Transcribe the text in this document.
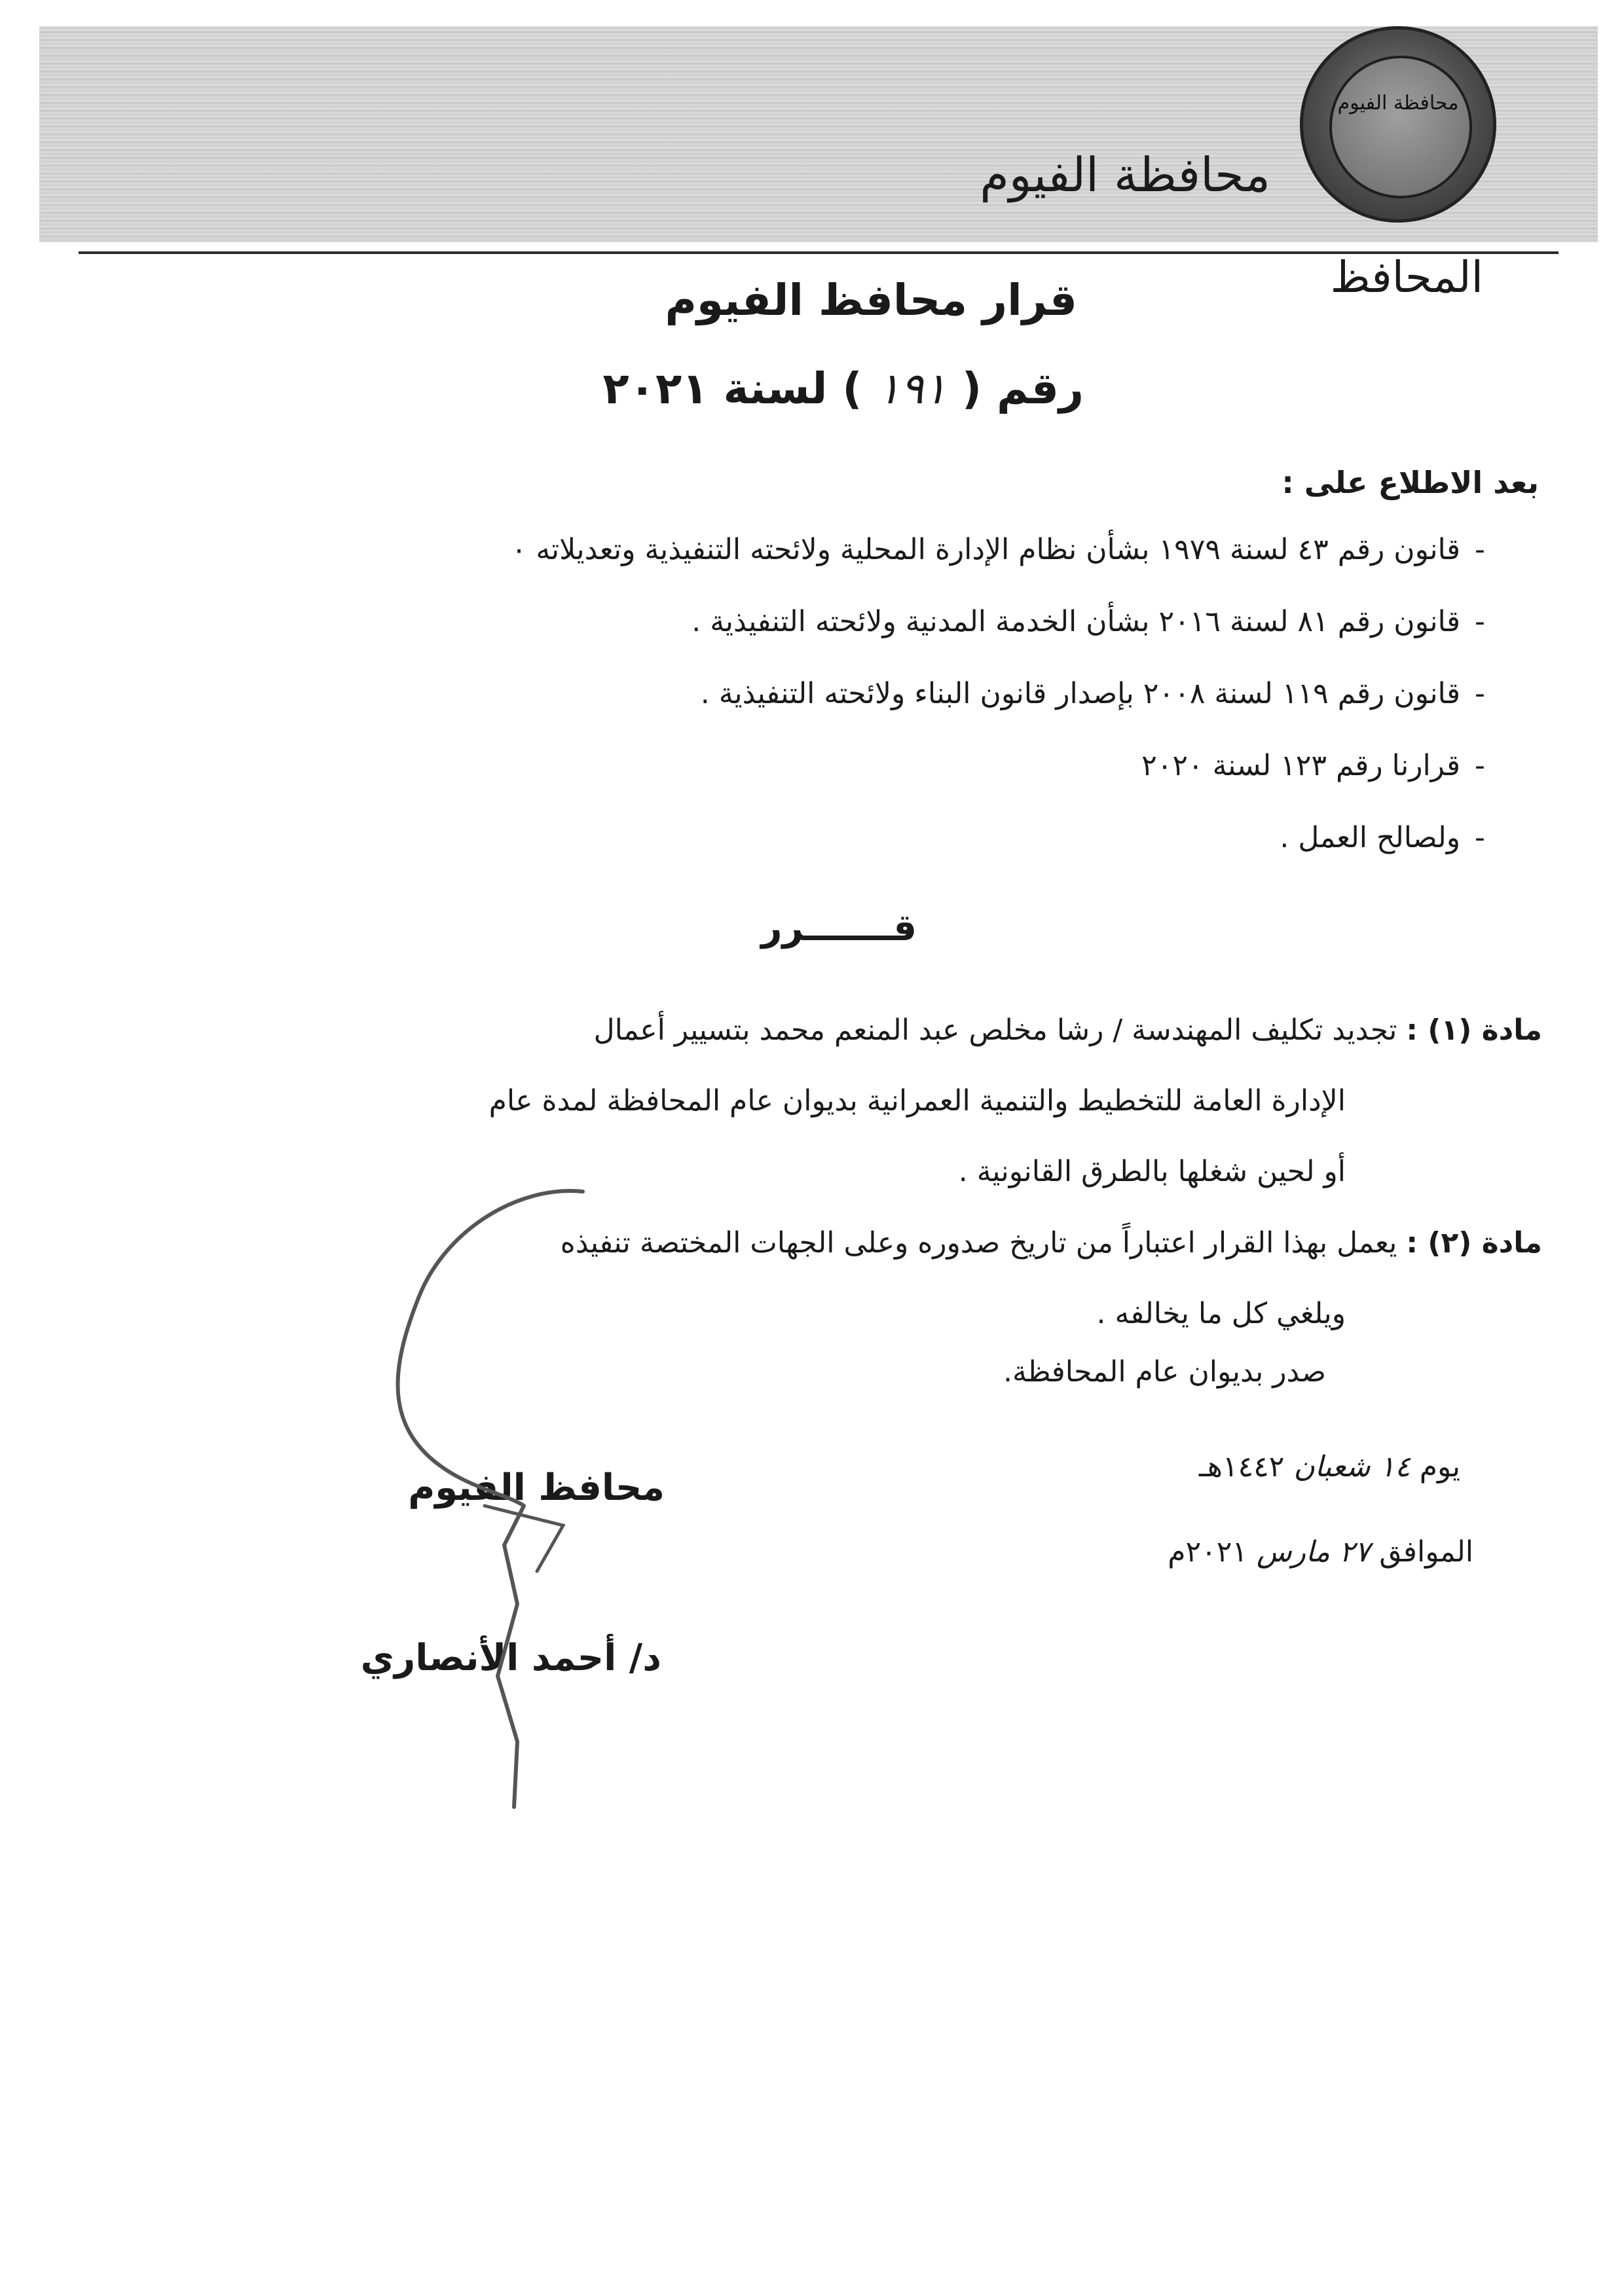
محافظة الفيوم
محافظة الفيوم
المحافظ
قرار محافظ الفيوم
رقم ( ١٩١ ) لسنة ٢٠٢١
بعد الاطلاع على :
-قانون رقم ٤٣ لسنة ١٩٧٩ بشأن نظام الإدارة المحلية ولائحته التنفيذية وتعديلاته ٠
-قانون رقم ٨١ لسنة ٢٠١٦ بشأن الخدمة المدنية ولائحته التنفيذية .
-قانون رقم ١١٩ لسنة ٢٠٠٨ بإصدار قانون البناء ولائحته التنفيذية .
-قرارنا رقم ١٢٣ لسنة ٢٠٢٠
-ولصالح العمل .
قـــــــرر
مادة (١) : تجديد تكليف المهندسة / رشا مخلص عبد المنعم محمد بتسيير أعمال
الإدارة العامة للتخطيط والتنمية العمرانية بديوان عام المحافظة لمدة عام
أو لحين شغلها بالطرق القانونية .
مادة (٢) : يعمل بهذا القرار اعتباراً من تاريخ صدوره وعلى الجهات المختصة تنفيذه
ويلغي كل ما يخالفه .
صدر بديوان عام المحافظة.
يوم ١٤ شعبان ١٤٤٢هـ
الموافق ٢٧ مارس ٢٠٢١م
محافظ الفيوم
د/ أحمد الأنصاري
